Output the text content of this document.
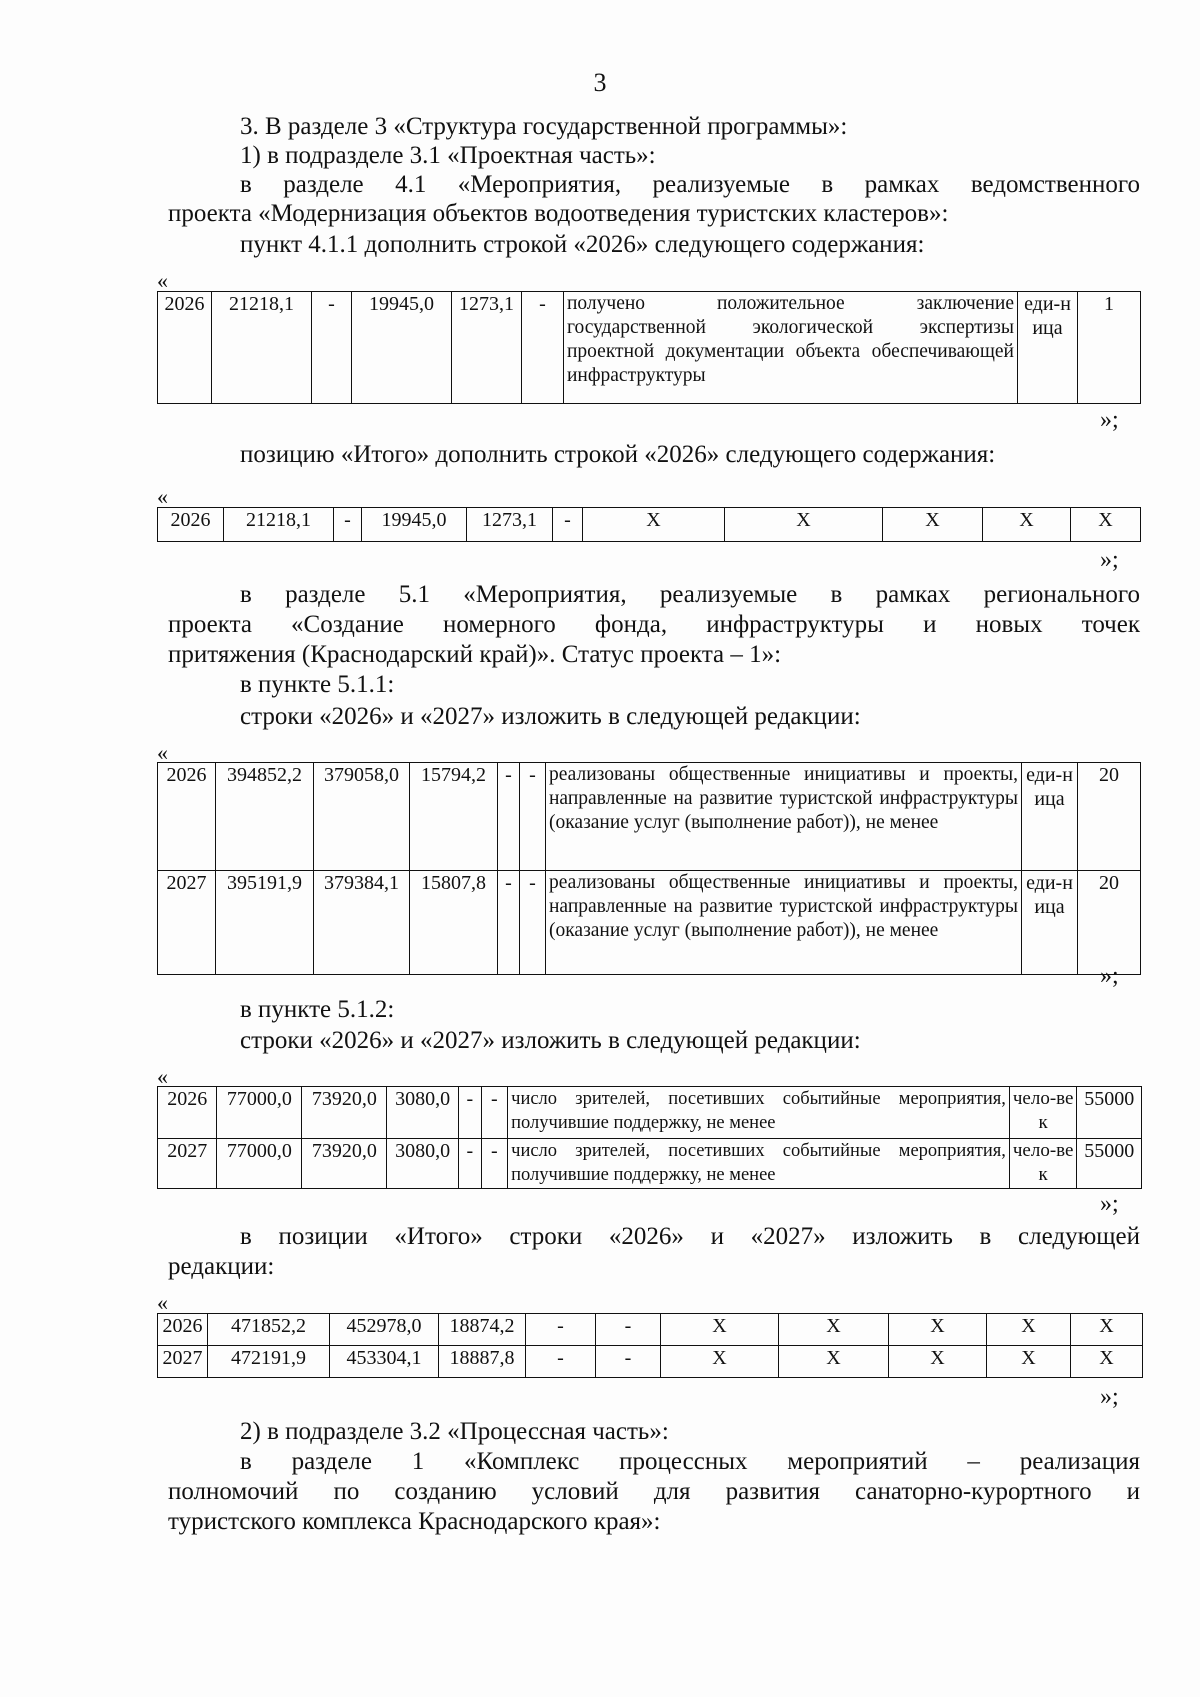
3
3. В разделе 3 «Структура государственной программы»:
1) в подразделе 3.1 «Проектная часть»:
в разделе 4.1 «Мероприятия, реализуемые в рамках ведомственного
проекта «Модернизация объектов водоотведения туристских кластеров»:
пункт 4.1.1 дополнить строкой «2026» следующего содержания:
«
2026	21218,1	-	19945,0	1273,1	-	получено положительное заключение государственной экологической экспертизы проектной документации объекта обеспечивающей инфраструктуры	еди-ница	1
»;
позицию «Итого» дополнить строкой «2026» следующего содержания:
«
2026	21218,1	-	19945,0	1273,1	-	X	X	X	X	X
»;
в разделе 5.1 «Мероприятия, реализуемые в рамках регионального
проекта «Создание номерного фонда, инфраструктуры и новых точек
притяжения (Краснодарский край)». Статус проекта – 1»:
в пункте 5.1.1:
строки «2026» и «2027» изложить в следующей редакции:
«
2026	394852,2	379058,0	15794,2	-	-	реализованы общественные инициативы и проекты, направленные на развитие туристской инфраструктуры (оказание услуг (выполнение работ)), не менее	еди-ница	20
2027	395191,9	379384,1	15807,8	-	-	реализованы общественные инициативы и проекты, направленные на развитие туристской инфраструктуры (оказание услуг (выполнение работ)), не менее	еди-ница	20
»;
в пункте 5.1.2:
строки «2026» и «2027» изложить в следующей редакции:
«
2026	77000,0	73920,0	3080,0	-	-	число зрителей, посетивших событийные мероприятия, получившие поддержку, не менее	чело-век	55000
2027	77000,0	73920,0	3080,0	-	-	число зрителей, посетивших событийные мероприятия, получившие поддержку, не менее	чело-век	55000
»;
в позиции «Итого» строки «2026» и «2027» изложить в следующей
редакции:
«
2026	471852,2	452978,0	18874,2	-	-	X	X	X	X	X
2027	472191,9	453304,1	18887,8	-	-	X	X	X	X	X
»;
2) в подразделе 3.2 «Процессная часть»:
в разделе 1 «Комплекс процессных мероприятий – реализация
полномочий по созданию условий для развития санаторно-курортного и
туристского комплекса Краснодарского края»:
